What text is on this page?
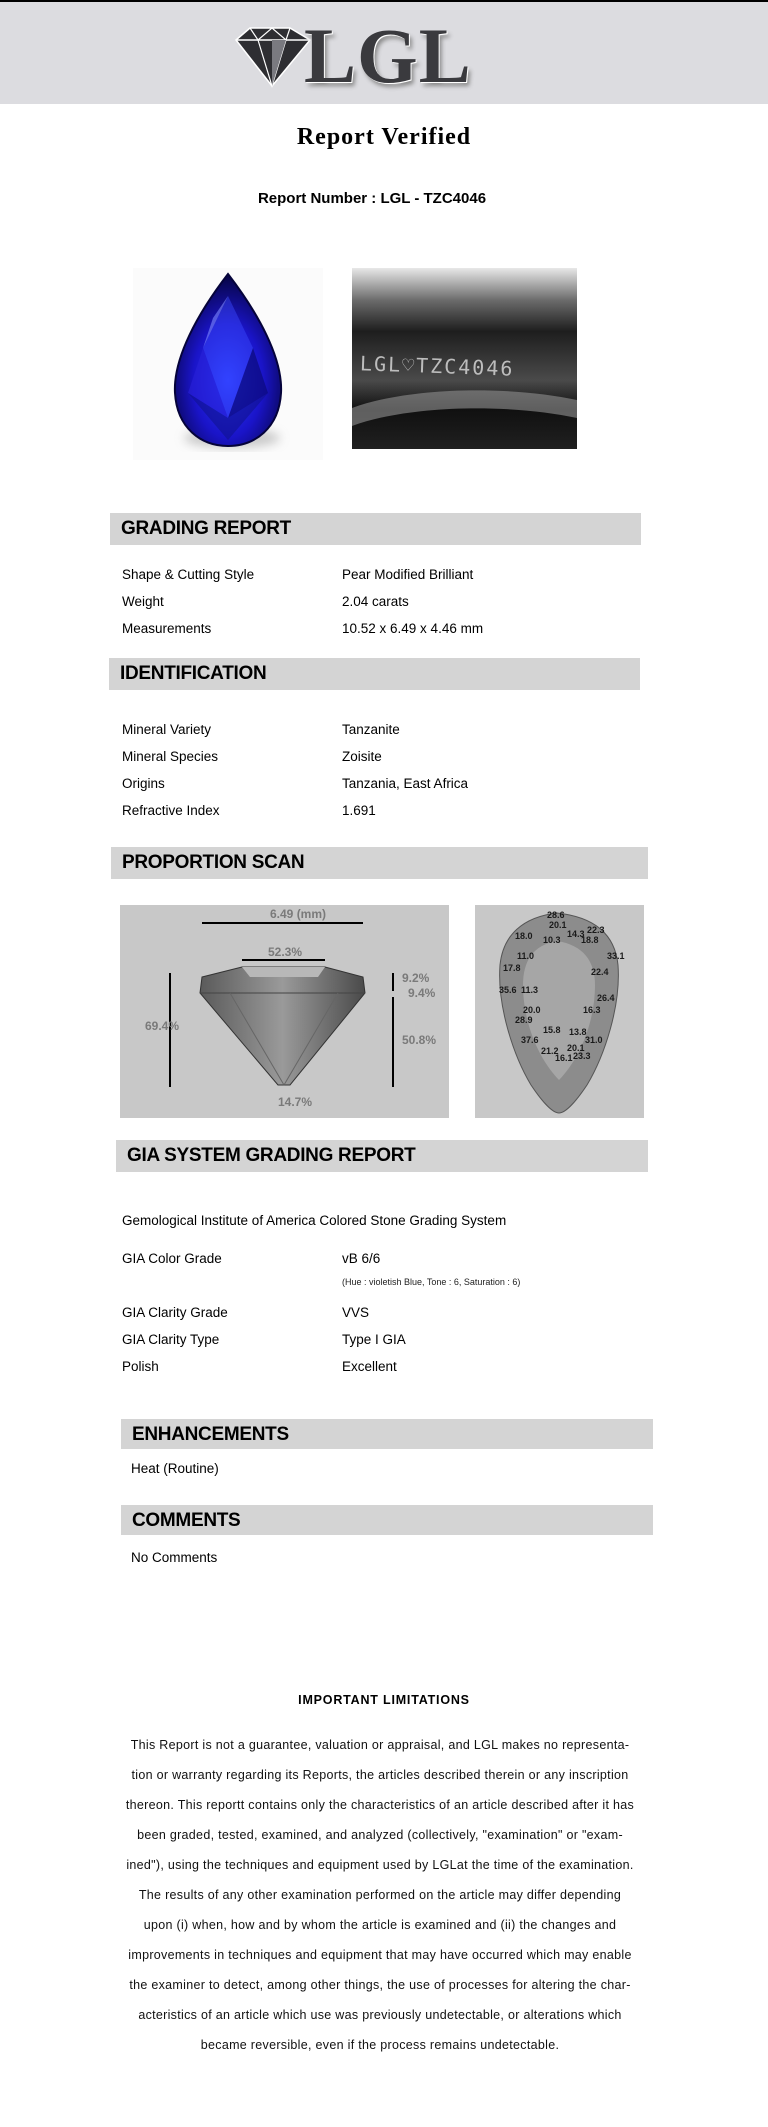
LGL
Report Verified
Report Number : LGL - TZC4046
LGL♡TZC4046
GRADING REPORT
Shape & Cutting Style	Pear Modified Brilliant
Weight	2.04 carats
Measurements	10.52 x 6.49 x 4.46 mm
IDENTIFICATION
Mineral Variety	Tanzanite
Mineral Species	Zoisite
Origins	Tanzania, East Africa
Refractive Index	1.691
PROPORTION SCAN
6.49 (mm)
52.3%
69.4%
9.2%
9.4%
50.8%
14.7%
28.6
20.1
18.0 10.3
14.3 22.3
18.8
33.1
11.0
17.8	22.4
35.6 11.3
26.4
20.0	16.3
28.9
15.8 13.8
37.6	31.0
21.2 20.1
16.1 23.3
GIA SYSTEM GRADING REPORT
Gemological Institute of America Colored Stone Grading System
GIA Color Grade	vB 6/6
(Hue : violetish Blue, Tone : 6, Saturation : 6)
GIA Clarity Grade	VVS
GIA Clarity Type	Type I GIA
Polish	Excellent
ENHANCEMENTS
Heat (Routine)
COMMENTS
No Comments
IMPORTANT LIMITATIONS
This Report is not a guarantee, valuation or appraisal, and LGL makes no representa-
tion or warranty regarding its Reports, the articles described therein or any inscription
thereon. This reportt contains only the characteristics of an article described after it has
been graded, tested, examined, and analyzed (collectively, "examination" or "exam-
ined"), using the techniques and equipment used by LGLat the time of the examination.
The results of any other examination performed on the article may differ depending
upon (i) when, how and by whom the article is examined and (ii) the changes and
improvements in techniques and equipment that may have occurred which may enable
the examiner to detect, among other things, the use of processes for altering the char-
acteristics of an article which use was previously undetectable, or alterations which
became reversible, even if the process remains undetectable.
